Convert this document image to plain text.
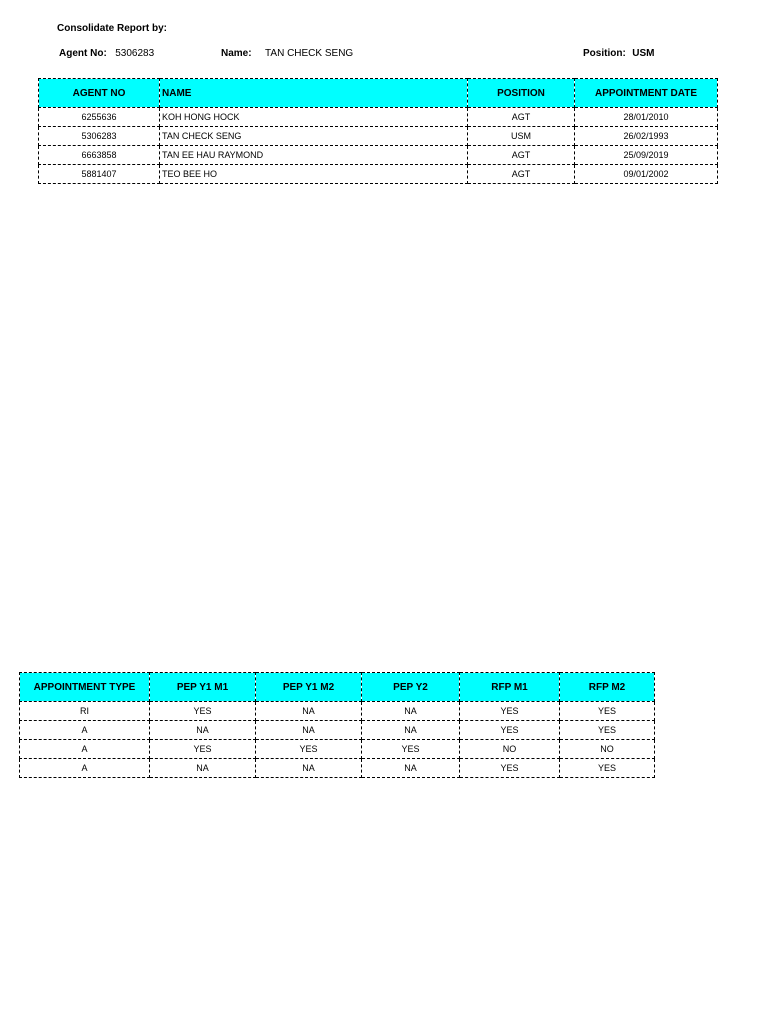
Consolidate Report by:
Agent No: 5306283	Name: TAN CHECK SENG	Position: USM
AGENT NO	NAME	POSITION	APPOINTMENT DATE
6255636	KOH HONG HOCK	AGT	28/01/2010
5306283	TAN CHECK SENG	USM	26/02/1993
6663858	TAN EE HAU RAYMOND	AGT	25/09/2019
5881407	TEO BEE HO	AGT	09/01/2002
APPOINTMENT TYPE	PEP Y1 M1	PEP Y1 M2	PEP Y2	RFP M1	RFP M2
RI	YES	NA	NA	YES	YES
A	NA	NA	NA	YES	YES
A	YES	YES	YES	NO	NO
A	NA	NA	NA	YES	YES
